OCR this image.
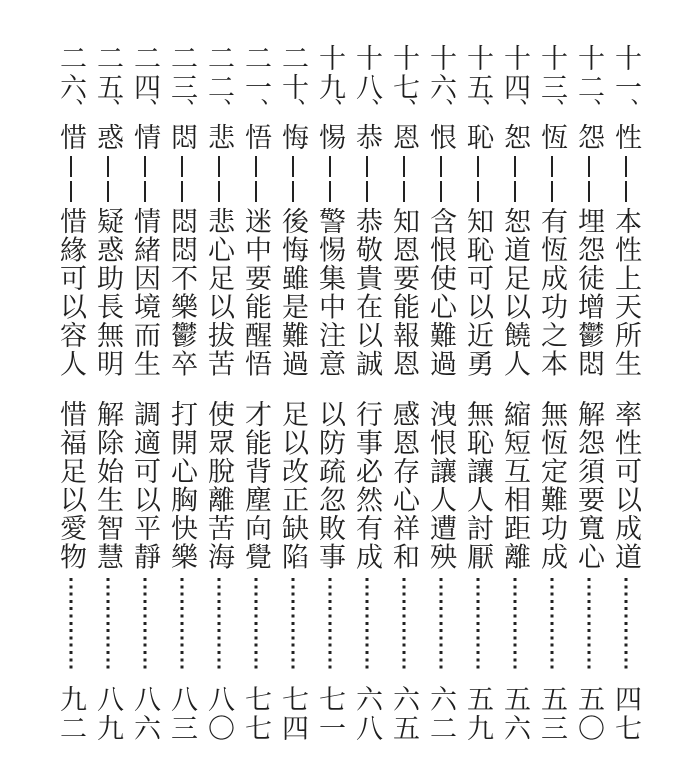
十一
、
性
本性上天所生
率性可以成道
四七
十二
、
怨
埋怨徒增鬱悶
解怨須要寬心
五〇
十三
、
恆
有恆成功之本
無恆定難功成
五三
十四
、
恕
恕道足以饒人
縮短互相距離
五六
十五
、
恥
知恥可以近勇
無恥讓人討厭
五九
十六
、
恨
含恨使心難過
洩恨讓人遭殃
六二
十七
、
恩
知恩要能報恩
感恩存心祥和
六五
十八
、
恭
恭敬貴在以誠
行事必然有成
六八
十九
、
惕
警惕集中注意
以防疏忽敗事
七一
二十
、
悔
後悔雖是難過
足以改正缺陷
七四
二一
、
悟
迷中要能醒悟
才能背塵向覺
七七
二二
、
悲
悲心足以拔苦
使眾脫離苦海
八〇
二三
、
悶
悶悶不樂鬱卒
打開心胸快樂
八三
二四
、
情
情緒因境而生
調適可以平靜
八六
二五
、
惑
疑惑助長無明
解除始生智慧
八九
二六
、
惜
惜緣可以容人
惜福足以愛物
九二
